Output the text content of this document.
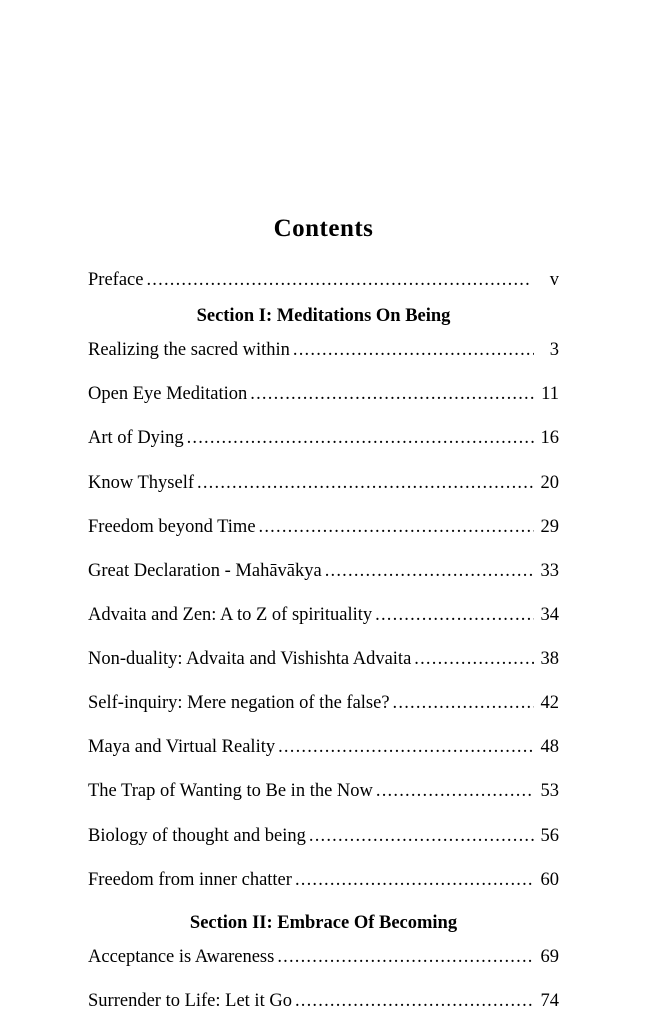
Contents
Preface .....	v
Section I: Meditations On Being
Realizing the sacred within .....	3
Open Eye Meditation .....	11
Art of Dying .....	16
Know Thyself .....	20
Freedom beyond Time .....	29
Great Declaration - Mahāvākya .....	33
Advaita and Zen: A to Z of spirituality .....	34
Non-duality: Advaita and Vishishta Advaita .....	38
Self-inquiry: Mere negation of the false? .....	42
Maya and Virtual Reality .....	48
The Trap of Wanting to Be in the Now .....	53
Biology of thought and being .....	56
Freedom from inner chatter .....	60
Section II: Embrace Of Becoming
Acceptance is Awareness .....	69
Surrender to Life: Let it Go .....	74
